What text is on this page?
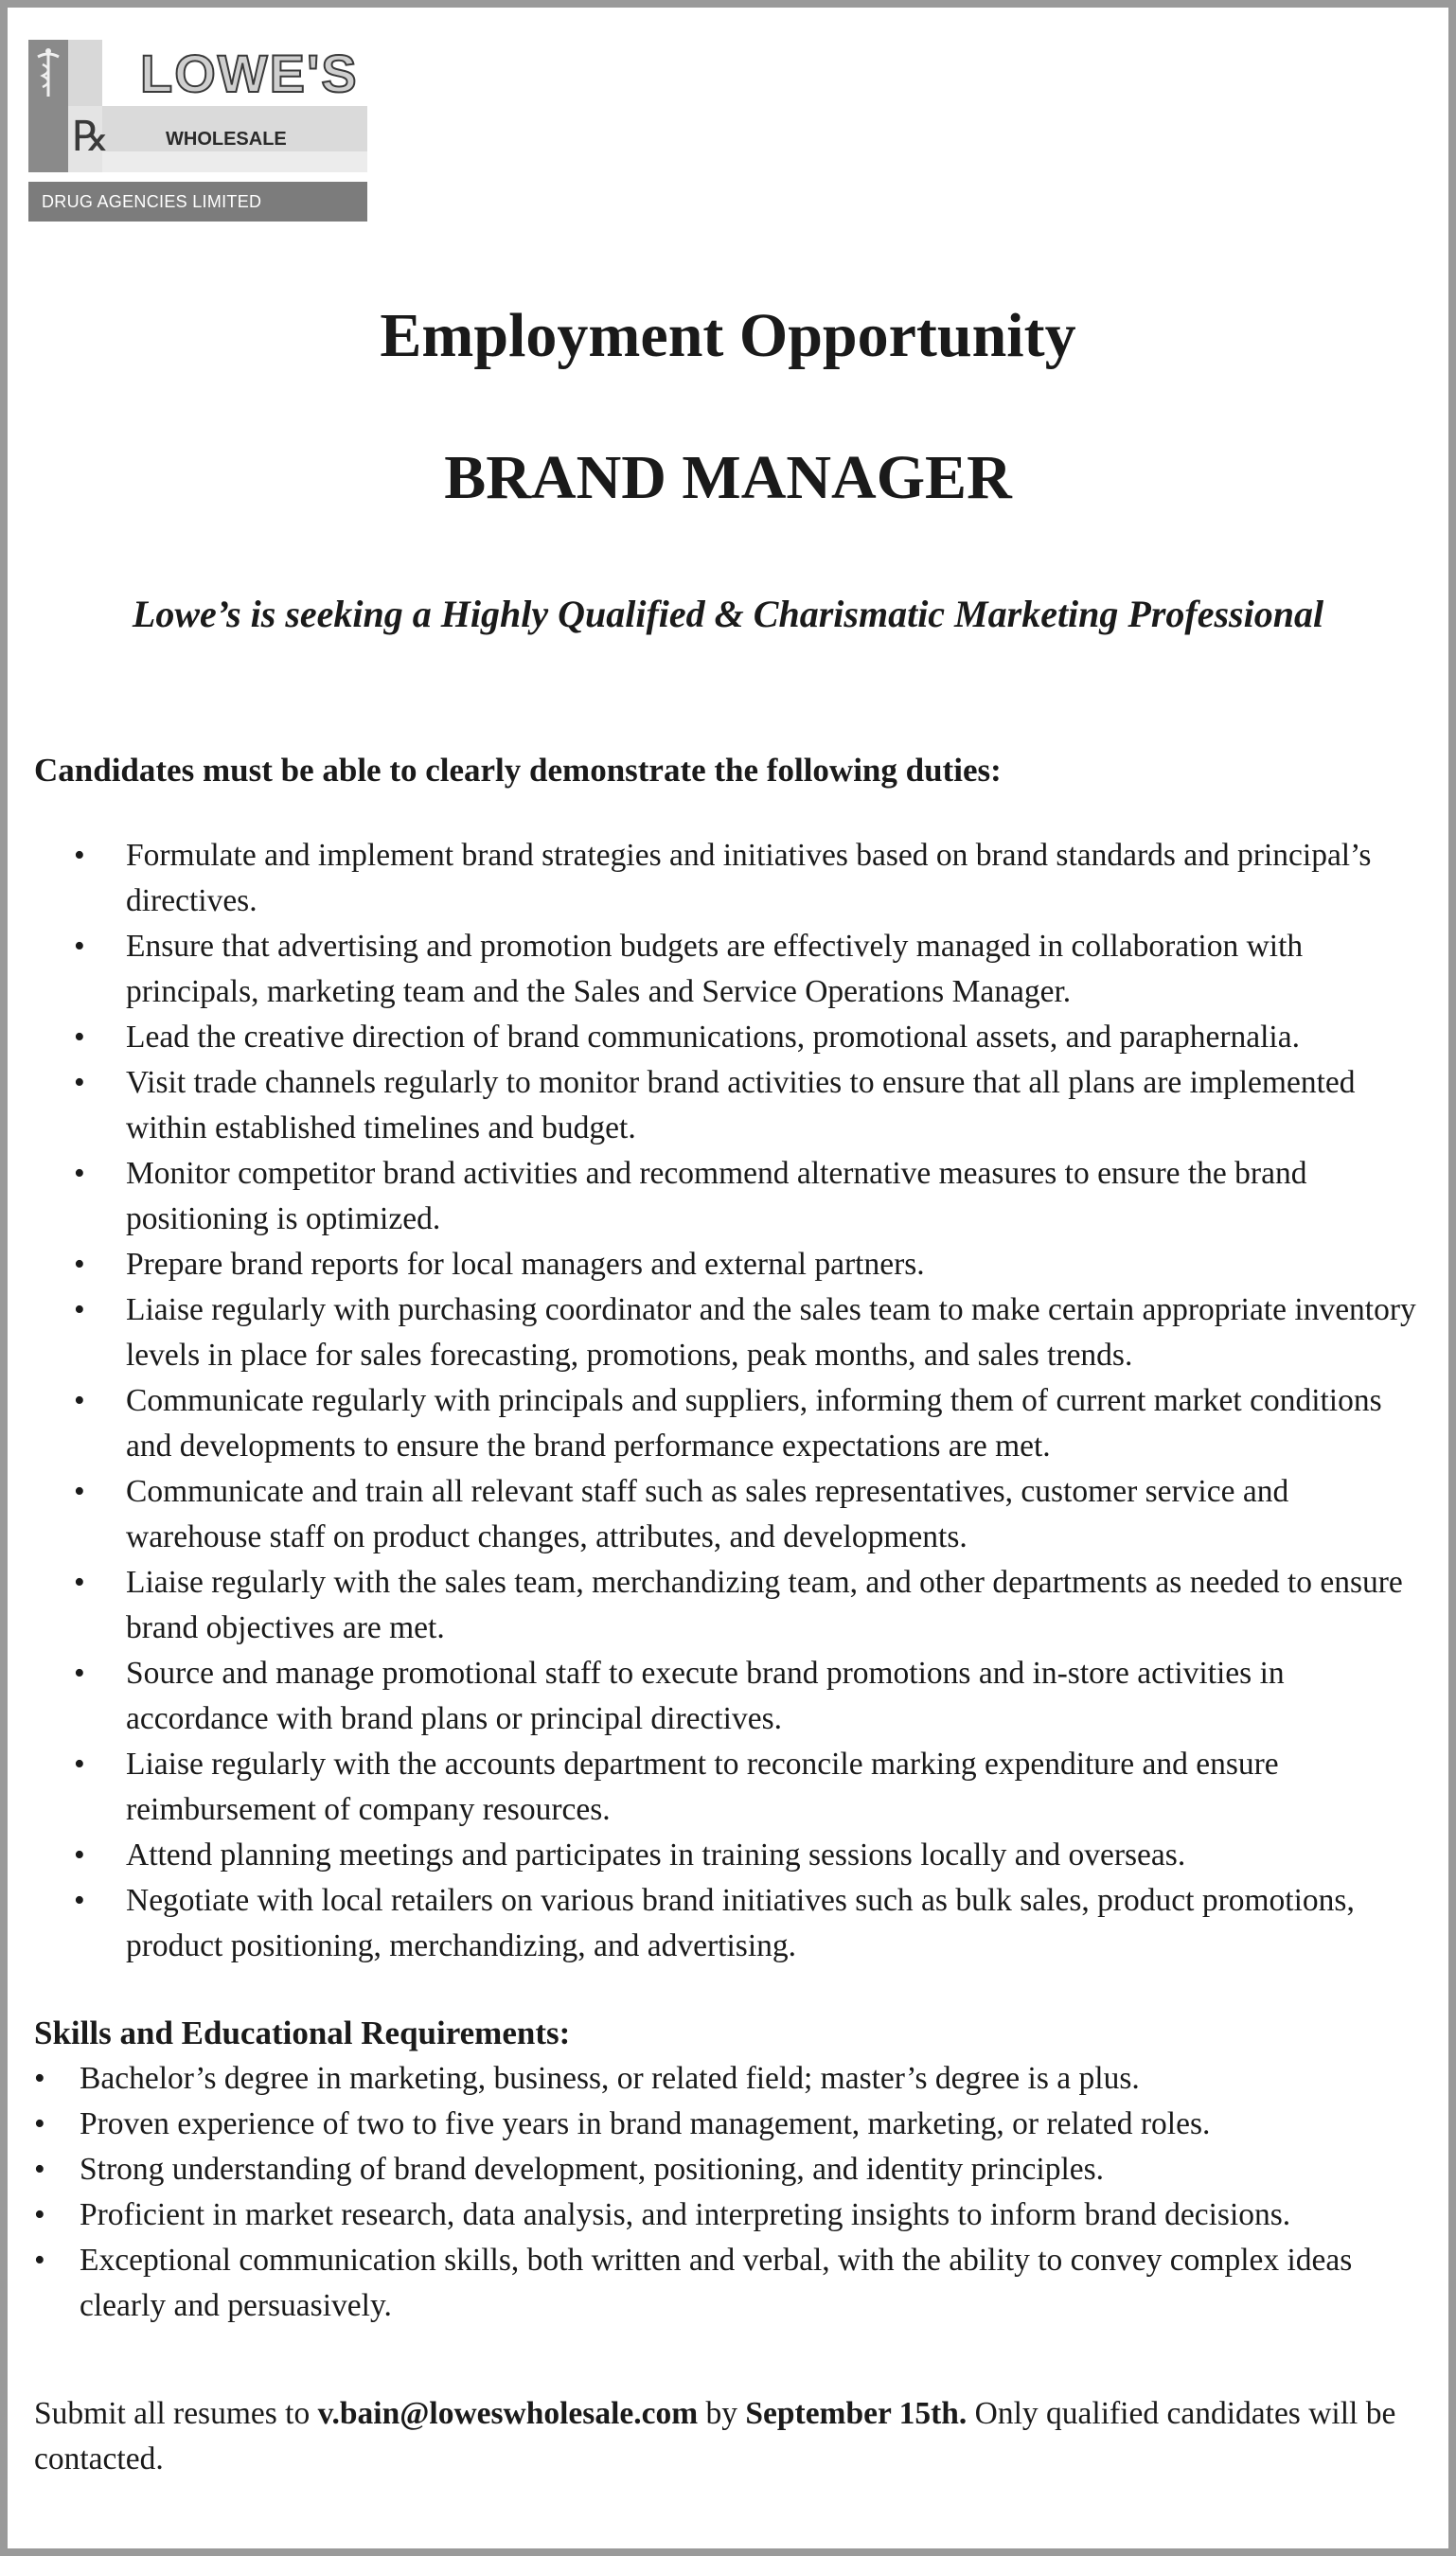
℞
LOWE'S
WHOLESALE
DRUG AGENCIES LIMITED
Employment Opportunity
BRAND MANAGER
Lowe’s is seeking a Highly Qualified & Charismatic Marketing Professional
Candidates must be able to clearly demonstrate the following duties:
• Formulate and implement brand strategies and initiatives based on brand standards and principal’s directives.
• Ensure that advertising and promotion budgets are effectively managed in collaboration with principals, marketing team and the Sales and Service Operations Manager.
• Lead the creative direction of brand communications, promotional assets, and paraphernalia.
• Visit trade channels regularly to monitor brand activities to ensure that all plans are implemented within established timelines and budget.
• Monitor competitor brand activities and recommend alternative measures to ensure the brand positioning is optimized.
• Prepare brand reports for local managers and external partners.
• Liaise regularly with purchasing coordinator and the sales team to make certain appropriate inventory levels in place for sales forecasting, promotions, peak months, and sales trends.
• Communicate regularly with principals and suppliers, informing them of current market conditions and developments to ensure the brand performance expectations are met.
• Communicate and train all relevant staff such as sales representatives, customer service and warehouse staff on product changes, attributes, and developments.
• Liaise regularly with the sales team, merchandizing team, and other departments as needed to ensure brand objectives are met.
• Source and manage promotional staff to execute brand promotions and in-store activities in accordance with brand plans or principal directives.
• Liaise regularly with the accounts department to reconcile marking expenditure and ensure reimbursement of company resources.
• Attend planning meetings and participates in training sessions locally and overseas.
• Negotiate with local retailers on various brand initiatives such as bulk sales, product promotions, product positioning, merchandizing, and advertising.
Skills and Educational Requirements:
• Bachelor’s degree in marketing, business, or related field; master’s degree is a plus.
• Proven experience of two to five years in brand management, marketing, or related roles.
• Strong understanding of brand development, positioning, and identity principles.
• Proficient in market research, data analysis, and interpreting insights to inform brand decisions.
• Exceptional communication skills, both written and verbal, with the ability to convey complex ideas clearly and persuasively.
Submit all resumes to v.bain@loweswholesale.com by September 15th. Only qualified candidates will be contacted.
